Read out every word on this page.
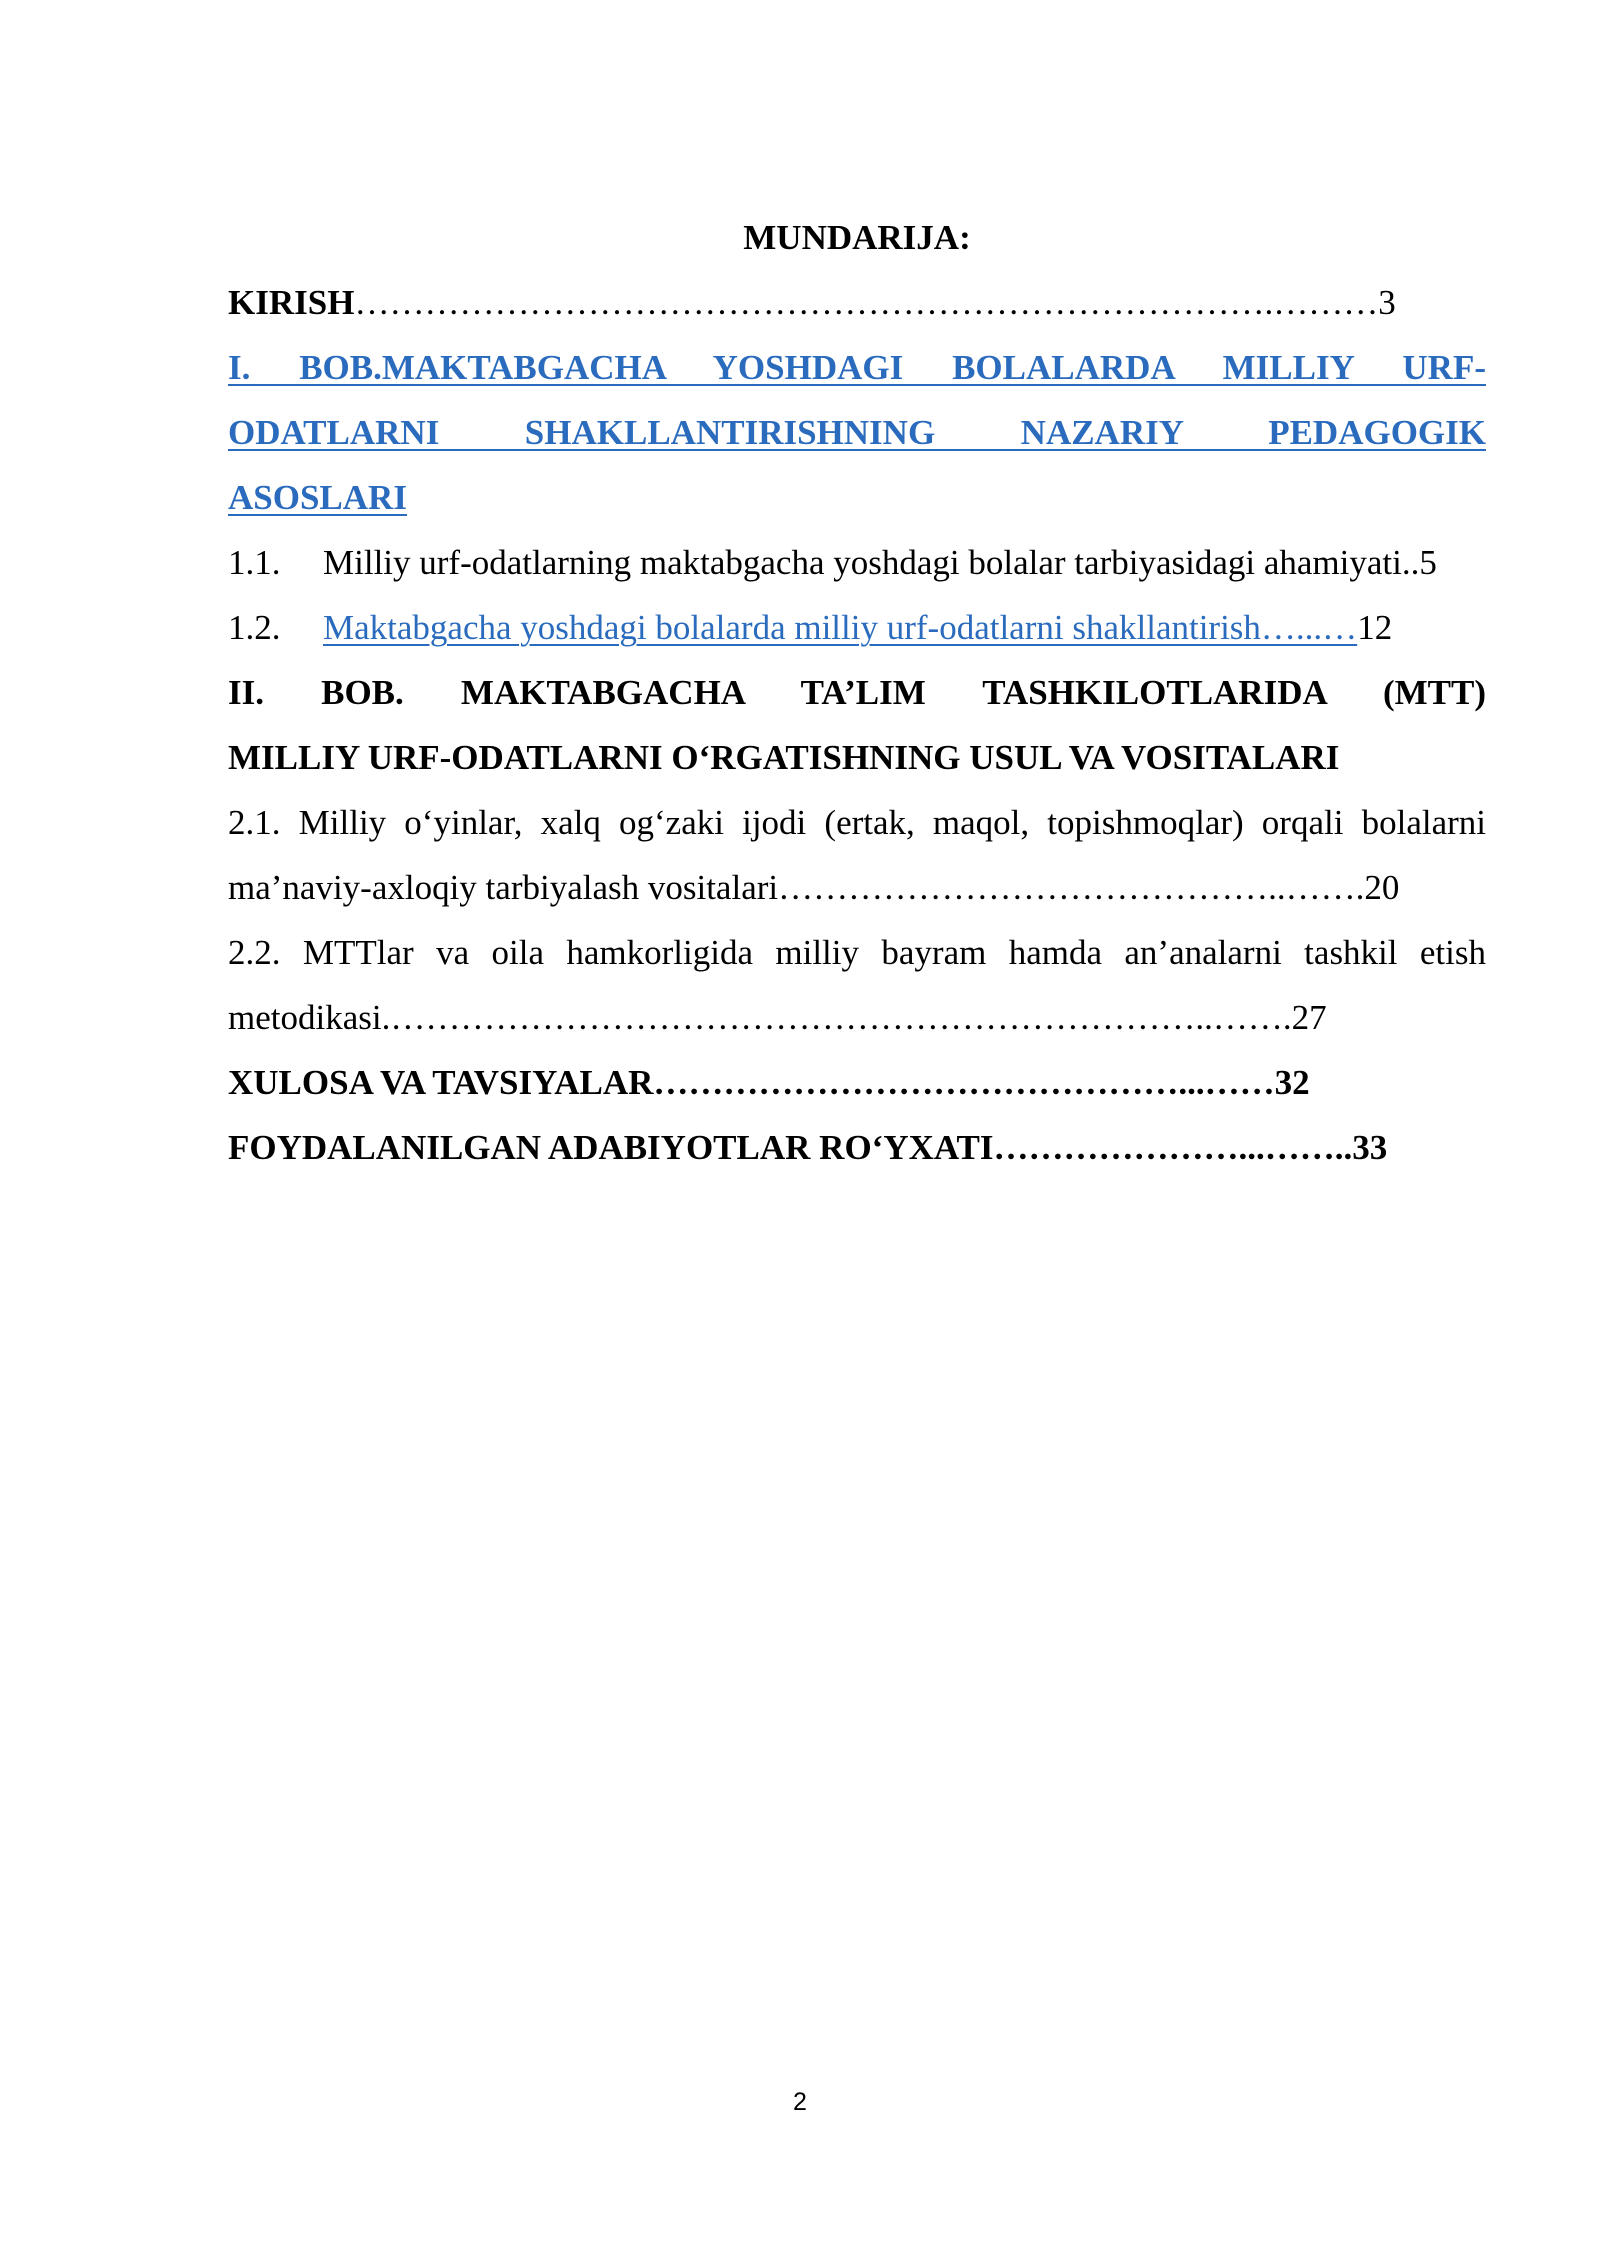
MUNDARIJA:
KIRISH…………………………………………………………………….………3
I. BOB.MAKTABGACHA YOSHDAGI BOLALARDA MILLIY URF-
ODATLARNI SHAKLLANTIRISHNING NAZARIY PEDAGOGIK
ASOSLARI
1.1. Milliy urf-odatlarning maktabgacha yoshdagi bolalar tarbiyasidagi ahamiyati..5
1.2. Maktabgacha yoshdagi bolalarda milliy urf-odatlarni shakllantirish…...…12
II. BOB. MAKTABGACHA TA’LIM TASHKILOTLARIDA (MTT)
MILLIY URF-ODATLARNI O‘RGATISHNING USUL VA VOSITALARI
2.1. Milliy o‘yinlar, xalq og‘zaki ijodi (ertak, maqol, topishmoqlar) orqali bolalarni
ma’naviy-axloqiy tarbiyalash vositalari……………………………………..…….20
2.2. MTTlar va oila hamkorligida milliy bayram hamda an’analarni tashkil etish
metodikasi.……………………………………………………………..…….27
XULOSA VA TAVSIYALAR………………………………………...……32
FOYDALANILGAN ADABIYOTLAR RO‘YXATI…………………...……..33
2
